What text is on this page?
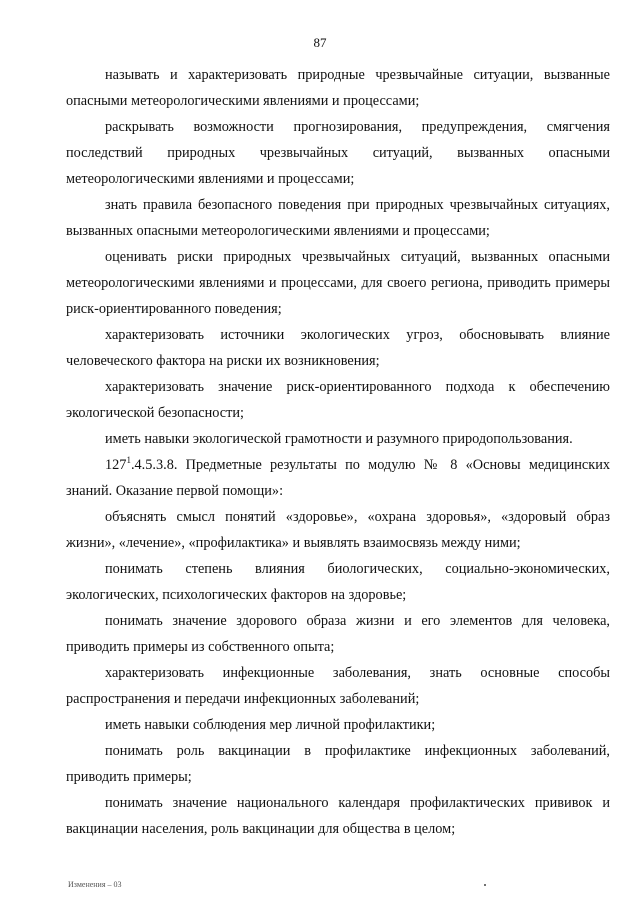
87

называть и характеризовать природные чрезвычайные ситуации, вызванные опасными метеорологическими явлениями и процессами;

раскрывать возможности прогнозирования, предупреждения, смягчения последствий природных чрезвычайных ситуаций, вызванных опасными метеорологическими явлениями и процессами;

знать правила безопасного поведения при природных чрезвычайных ситуациях, вызванных опасными метеорологическими явлениями и процессами;

оценивать риски природных чрезвычайных ситуаций, вызванных опасными метеорологическими явлениями и процессами, для своего региона, приводить примеры риск-ориентированного поведения;

характеризовать источники экологических угроз, обосновывать влияние человеческого фактора на риски их возникновения;

характеризовать значение риск-ориентированного подхода к обеспечению экологической безопасности;

иметь навыки экологической грамотности и разумного природопользования.

$127^1.4.5.3.8$. Предметные результаты по модулю № 8 «Основы медицинских знаний. Оказание первой помощи»:

объяснять смысл понятий «здоровье», «охрана здоровья», «здоровый образ жизни», «лечение», «профилактика» и выявлять взаимосвязь между ними;

понимать степень влияния биологических, социально-экономических, экологических, психологических факторов на здоровье;

понимать значение здорового образа жизни и его элементов для человека, приводить примеры из собственного опыта;

характеризовать инфекционные заболевания, знать основные способы распространения и передачи инфекционных заболеваний;

иметь навыки соблюдения мер личной профилактики;

понимать роль вакцинации в профилактике инфекционных заболеваний, приводить примеры;

понимать значение национального календаря профилактических прививок и вакцинации населения, роль вакцинации для общества в целом;

Изменения – 03
